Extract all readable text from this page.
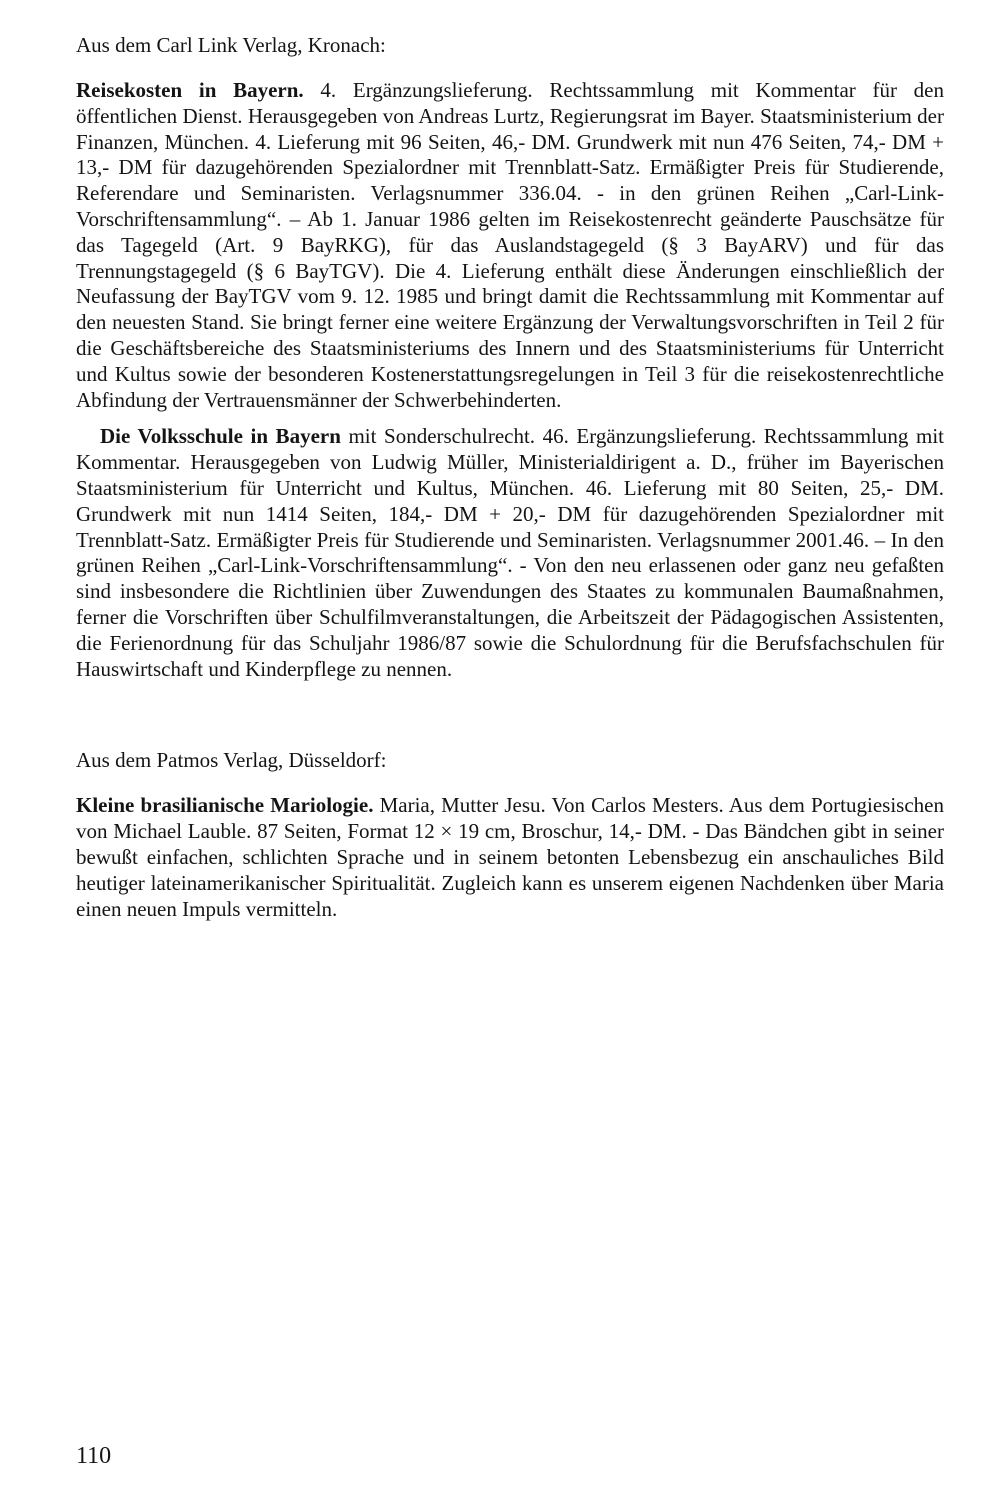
Aus dem Carl Link Verlag, Kronach:

Reisekosten in Bayern. 4. Ergänzungslieferung. Rechtssammlung mit Kommentar für den öffentlichen Dienst. Herausgegeben von Andreas Lurtz, Regierungsrat im Bayer. Staatsministerium der Finanzen, München. 4. Lieferung mit 96 Seiten, 46,- DM. Grundwerk mit nun 476 Seiten, 74,- DM + 13,- DM für dazugehörenden Spezialordner mit Trennblatt-Satz. Ermäßigter Preis für Studierende, Referendare und Seminaristen. Verlagsnummer 336.04. - in den grünen Reihen „Carl-Link-Vorschriftensammlung“. – Ab 1. Januar 1986 gelten im Reisekostenrecht geänderte Pauschsätze für das Tagegeld (Art. 9 BayRKG), für das Auslandstagegeld (§ 3 BayARV) und für das Trennungstagegeld (§ 6 BayTGV). Die 4. Lieferung enthält diese Änderungen einschließlich der Neufassung der BayTGV vom 9. 12. 1985 und bringt damit die Rechtssammlung mit Kommentar auf den neuesten Stand. Sie bringt ferner eine weitere Ergänzung der Verwaltungsvorschriften in Teil 2 für die Geschäftsbereiche des Staatsministeriums des Innern und des Staatsministeriums für Unterricht und Kultus sowie der besonderen Kostenerstattungsregelungen in Teil 3 für die reisekostenrechtliche Abfindung der Vertrauensmänner der Schwerbehinderten.

Die Volksschule in Bayern mit Sonderschulrecht. 46. Ergänzungslieferung. Rechtssammlung mit Kommentar. Herausgegeben von Ludwig Müller, Ministerialdirigent a. D., früher im Bayerischen Staatsministerium für Unterricht und Kultus, München. 46. Lieferung mit 80 Seiten, 25,- DM. Grundwerk mit nun 1414 Seiten, 184,- DM + 20,- DM für dazugehörenden Spezialordner mit Trennblatt-Satz. Ermäßigter Preis für Studierende und Seminaristen. Verlagsnummer 2001.46. – In den grünen Reihen „Carl-Link-Vorschriftensammlung“. - Von den neu erlassenen oder ganz neu gefaßten sind insbesondere die Richtlinien über Zuwendungen des Staates zu kommunalen Baumaßnahmen, ferner die Vorschriften über Schulfilmveranstaltungen, die Arbeitszeit der Pädagogischen Assistenten, die Ferienordnung für das Schuljahr 1986/87 sowie die Schulordnung für die Berufsfachschulen für Hauswirtschaft und Kinderpflege zu nennen.

Aus dem Patmos Verlag, Düsseldorf:

Kleine brasilianische Mariologie. Maria, Mutter Jesu. Von Carlos Mesters. Aus dem Portugiesischen von Michael Lauble. 87 Seiten, Format 12 × 19 cm, Broschur, 14,- DM. - Das Bändchen gibt in seiner bewußt einfachen, schlichten Sprache und in seinem betonten Lebensbezug ein anschauliches Bild heutiger lateinamerikanischer Spiritualität. Zugleich kann es unserem eigenen Nachdenken über Maria einen neuen Impuls vermitteln.

110
